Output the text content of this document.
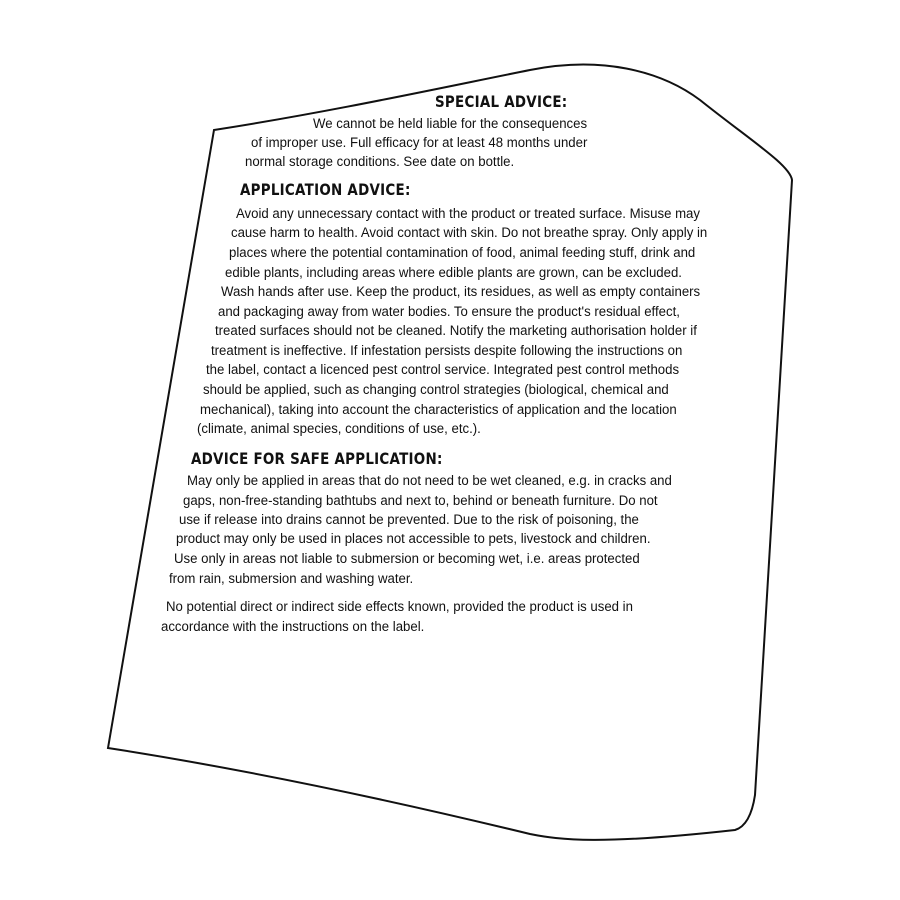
SPECIAL ADVICE:
We cannot be held liable for the consequences
of improper use. Full efficacy for at least 48 months under
normal storage conditions. See date on bottle.
APPLICATION ADVICE:
Avoid any unnecessary contact with the product or treated surface. Misuse may
cause harm to health. Avoid contact with skin. Do not breathe spray. Only apply in
places where the potential contamination of food, animal feeding stuff, drink and
edible plants, including areas where edible plants are grown, can be excluded.
Wash hands after use. Keep the product, its residues, as well as empty containers
and packaging away from water bodies. To ensure the product's residual effect,
treated surfaces should not be cleaned. Notify the marketing authorisation holder if
treatment is ineffective. If infestation persists despite following the instructions on
the label, contact a licenced pest control service. Integrated pest control methods
should be applied, such as changing control strategies (biological, chemical and
mechanical), taking into account the characteristics of application and the location
(climate, animal species, conditions of use, etc.).
ADVICE FOR SAFE APPLICATION:
May only be applied in areas that do not need to be wet cleaned, e.g. in cracks and
gaps, non-free-standing bathtubs and next to, behind or beneath furniture. Do not
use if release into drains cannot be prevented. Due to the risk of poisoning, the
product may only be used in places not accessible to pets, livestock and children.
Use only in areas not liable to submersion or becoming wet, i.e. areas protected
from rain, submersion and washing water.
No potential direct or indirect side effects known, provided the product is used in
accordance with the instructions on the label.
